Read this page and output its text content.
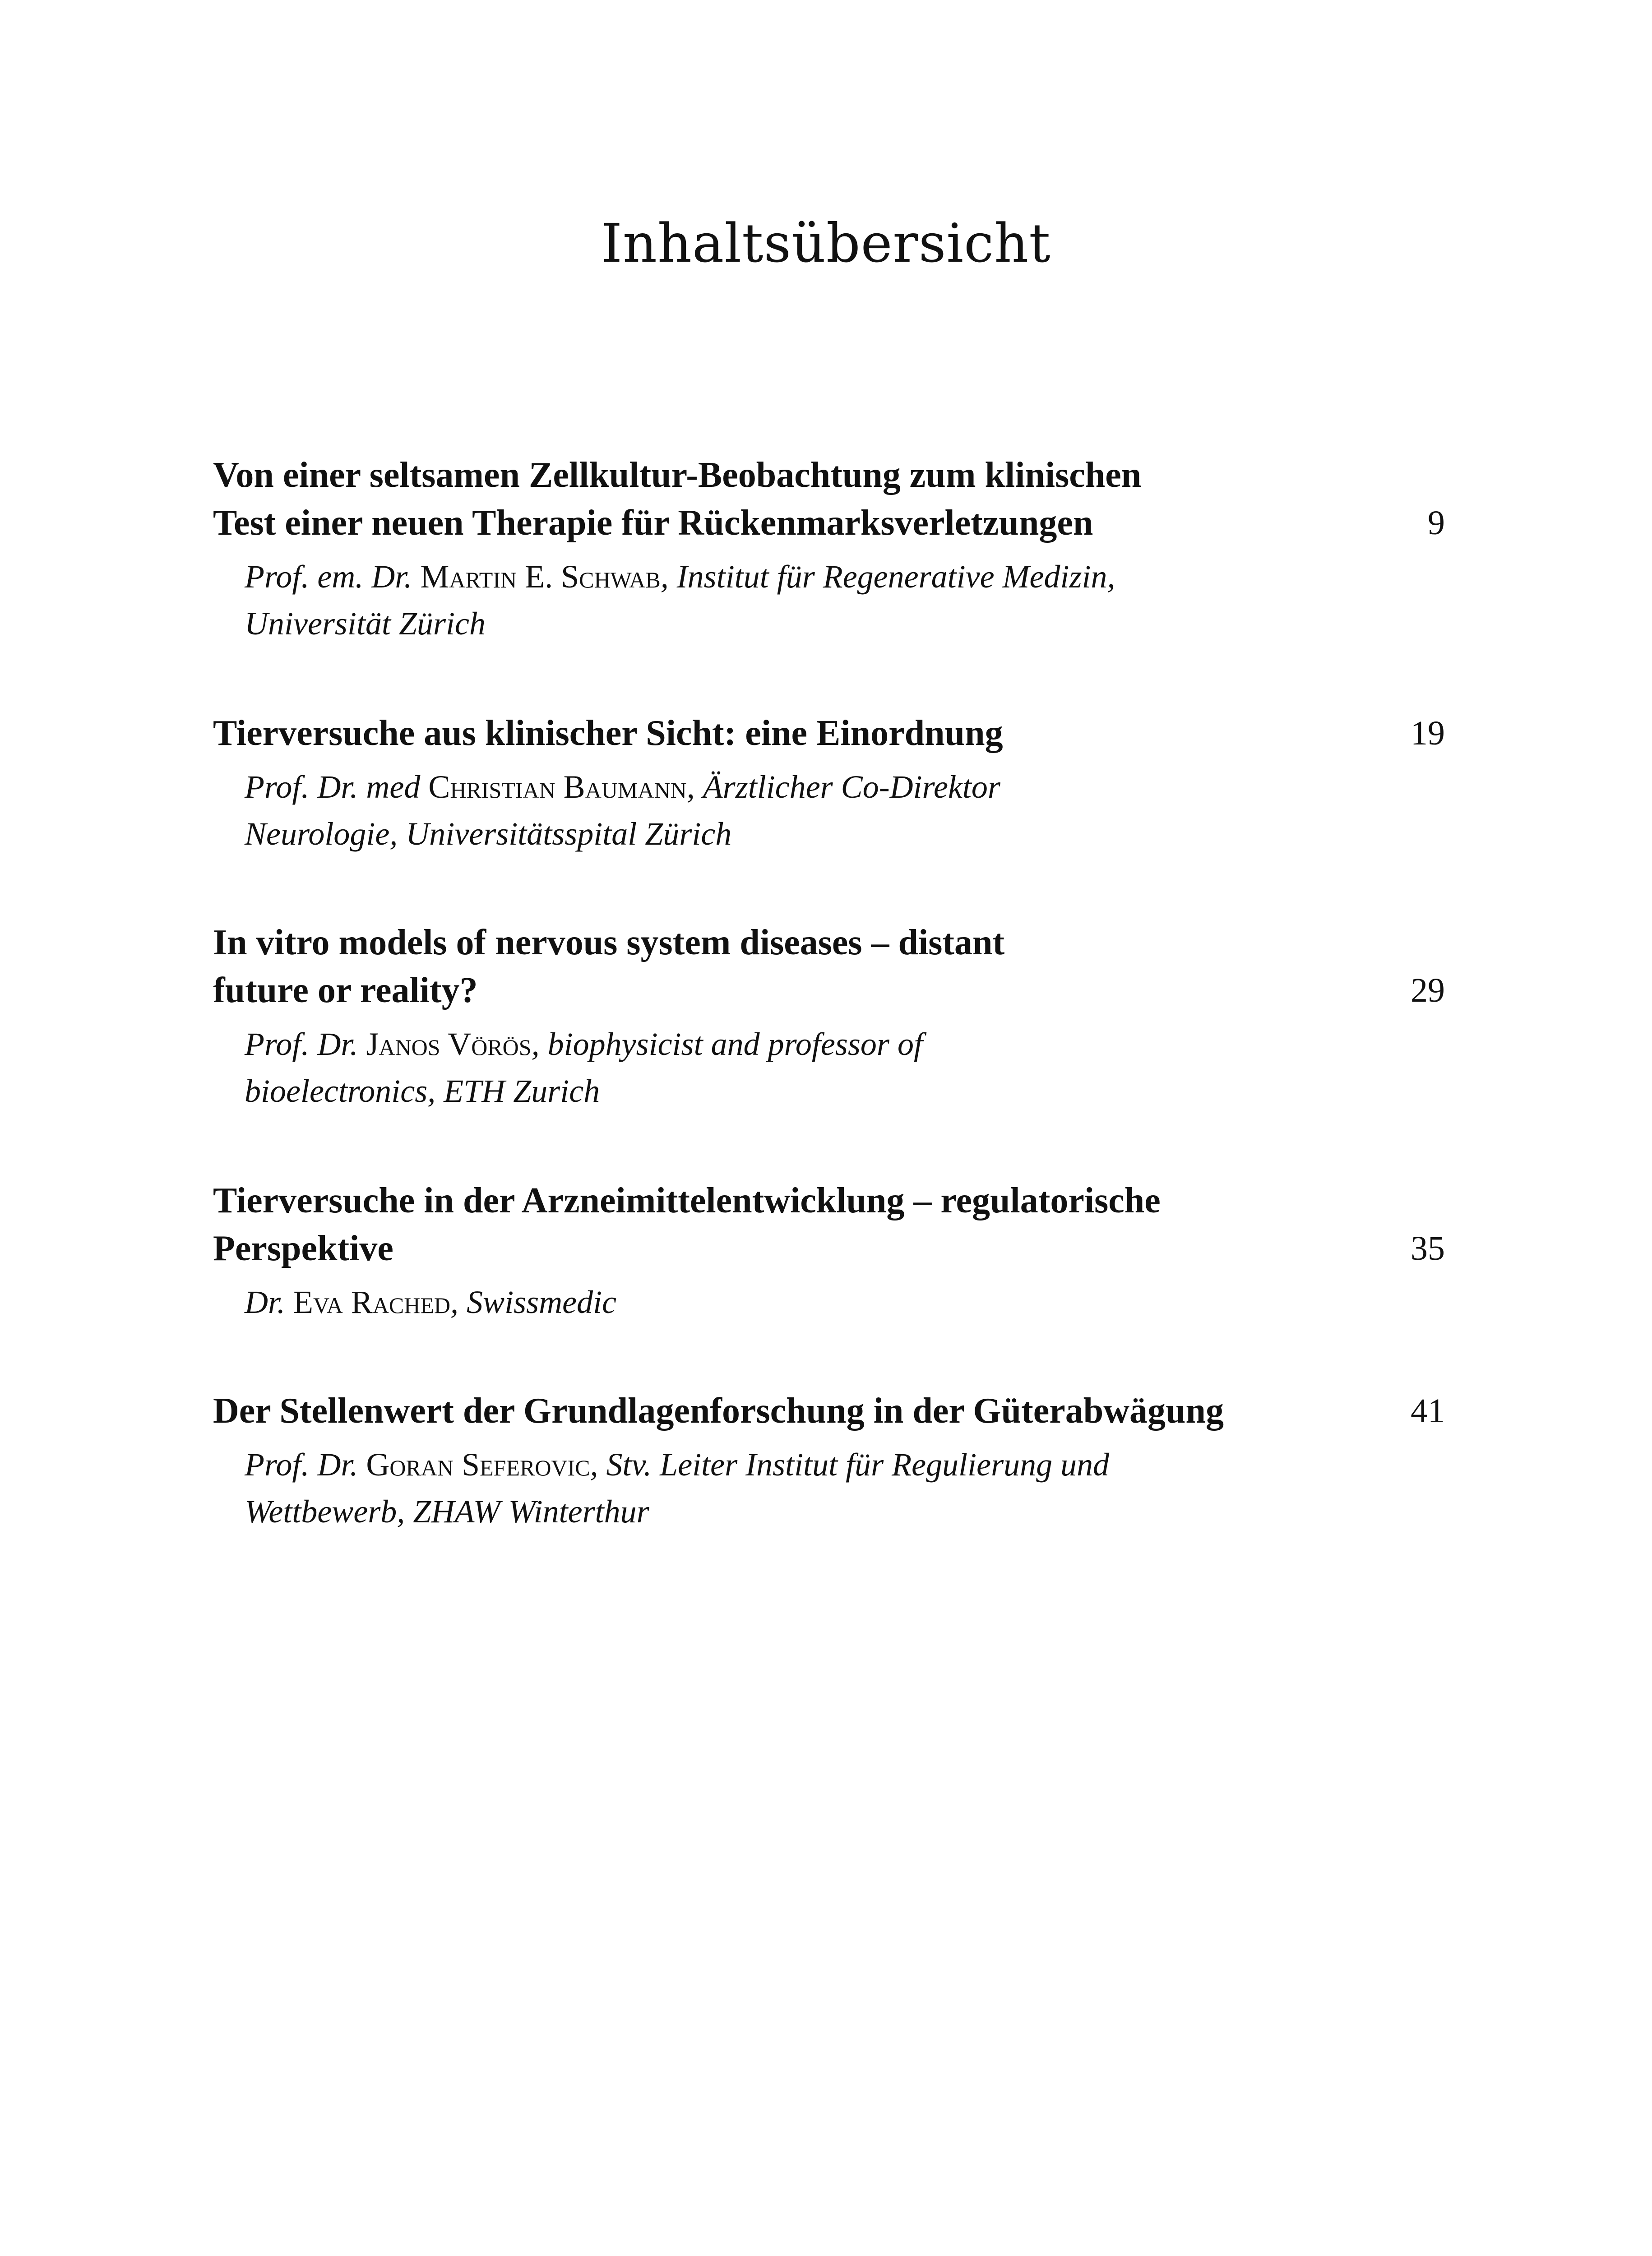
Inhaltsübersicht

Von einer seltsamen Zellkultur-Beobachtung zum klinischen
Test einer neuen Therapie für Rückenmarksverletzungen	9

Prof. em. Dr. Martin E. Schwab, Institut für Regenerative Medizin,
Universität Zürich

Tierversuche aus klinischer Sicht: eine Einordnung	19

Prof. Dr. med Christian Baumann, Ärztlicher Co-Direktor
Neurologie, Universitätsspital Zürich

In vitro models of nervous system diseases – distant
future or reality?	29

Prof. Dr. Janos Vörös, biophysicist and professor of
bioelectronics, ETH Zurich

Tierversuche in der Arzneimittelentwicklung – regulatorische
Perspektive	35

Dr. Eva Rached, Swissmedic

Der Stellenwert der Grundlagenforschung in der Güterabwägung	41

Prof. Dr. Goran Seferovic, Stv. Leiter Institut für Regulierung und
Wettbewerb, ZHAW Winterthur
